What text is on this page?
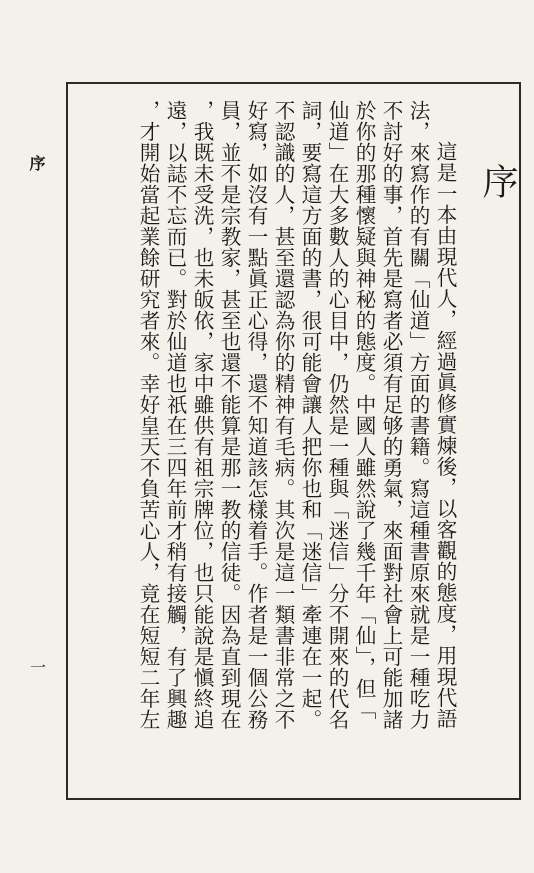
序
一
序
這是一本由現代人，經過眞修實煉後，以客觀的態度，用現代語
法，來寫作的有關「仙道」方面的書籍。寫這種書原來就是一種吃力
不討好的事，首先是寫者必須有足够的勇氣，來面對社會上可能加諸
於你的那種懷疑與神秘的態度。中國人雖然說了幾千年「仙」，但「
仙道」在大多數人的心目中，仍然是一種與「迷信」分不開來的代名
詞，要寫這方面的書，很可能會讓人把你也和「迷信」牽連在一起。
不認識的人，甚至還認為你的精神有毛病。其次是這一類書非常之不
好寫，如沒有一點眞正心得，還不知道該怎樣着手。作者是一個公務
員，並不是宗教家，甚至也還不能算是那一教的信徒。因為直到現在
，我既未受洗，也未皈依，家中雖供有祖宗牌位，也只能說是愼終追
遠，以誌不忘而已。對於仙道也祇在三四年前才稍有接觸，有了興趣
，才開始當起業餘研究者來。幸好皇天不負苦心人，竟在短短二年左
